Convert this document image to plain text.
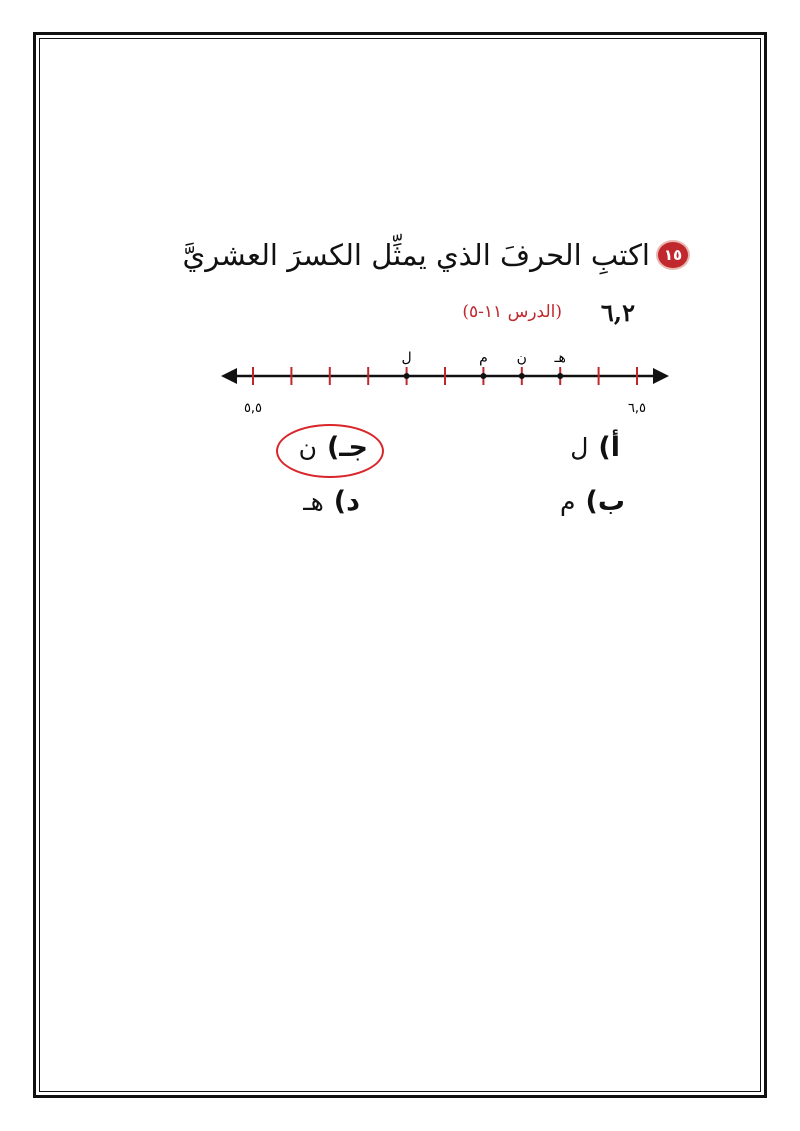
١٥
اكتبِ الحرفَ الذي يمثِّل الكسرَ العشريَّ
٦,٢
(الدرس ١١-٥)
ل	م ن هـ
٥,٥	٦,٥
أ)ل
ب)م
جـ)ن
د)هـ
